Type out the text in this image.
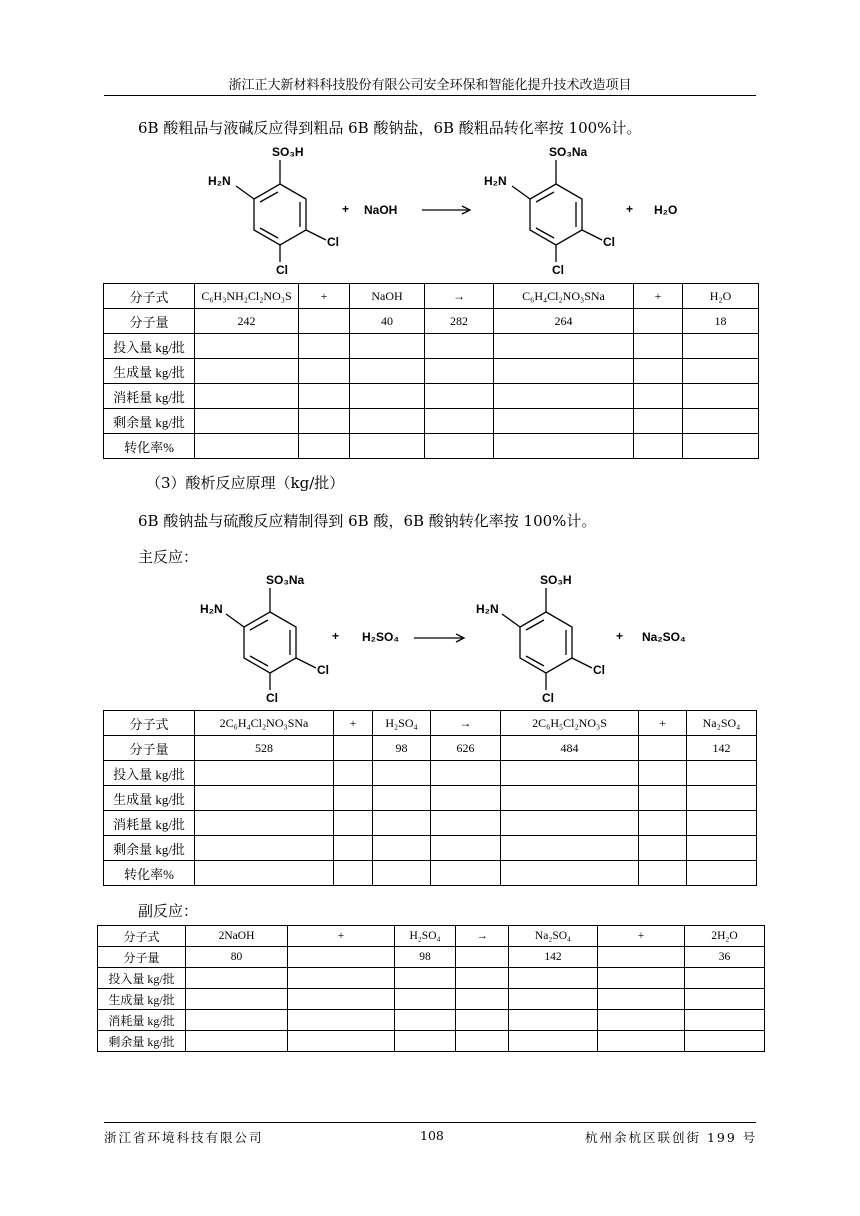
浙江正大新材料科技股份有限公司安全环保和智能化提升技术改造项目
6B 酸粗品与液碱反应得到粗品 6B 酸钠盐，6B 酸粗品转化率按 100%计。
SO₃H
H₂N
Cl
Cl
+ NaOH
SO₃Na
H₂N
Cl
Cl
+ H₂O
分子式	C₆H₃NH₂Cl₂NO₃S	+	NaOH	→	C₆H₄Cl₂NO₃SNa	+	H₂O
分子量	242		40	282	264		18
投入量 kg/批							
生成量 kg/批							
消耗量 kg/批							
剩余量 kg/批							
转化率%							
（3）酸析反应原理（kg/批）
6B 酸钠盐与硫酸反应精制得到 6B 酸，6B 酸钠转化率按 100%计。
主反应：
SO₃Na
H₂N
Cl
Cl
+ H₂SO₄
SO₃H
H₂N
Cl
Cl
+ Na₂SO₄
分子式	2C₆H₄Cl₂NO₃SNa	+	H₂SO₄	→	2C₆H₅Cl₂NO₃S	+	Na₂SO₄
分子量	528		98	626	484		142
投入量 kg/批							
生成量 kg/批							
消耗量 kg/批							
剩余量 kg/批							
转化率%							
副反应：
分子式	2NaOH	+	H₂SO₄	→	Na₂SO₄	+	2H₂O
分子量	80		98		142		36
投入量 kg/批							
生成量 kg/批							
消耗量 kg/批							
剩余量 kg/批							
浙江省环境科技有限公司	108	杭州余杭区联创街 199 号
